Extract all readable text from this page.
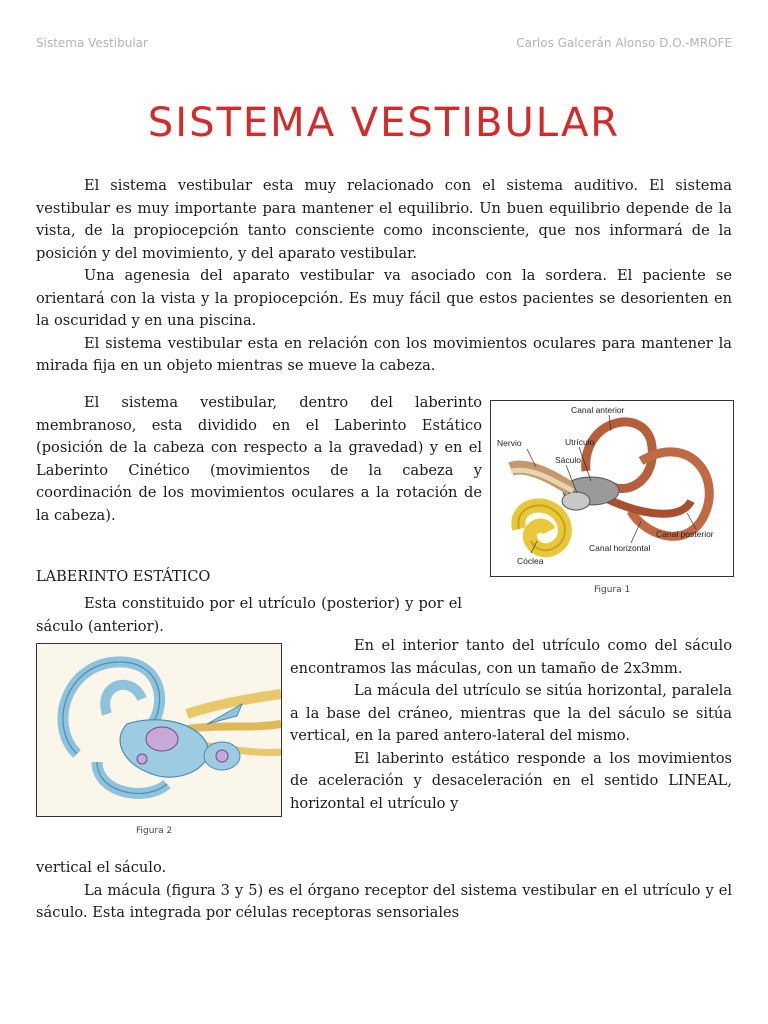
Sistema Vestibular	Carlos Galcerán Alonso D.O.-MROFE
SISTEMA VESTIBULAR

El sistema vestibular esta muy relacionado con el sistema auditivo. El sistema vestibular es muy importante para mantener el equilibrio. Un buen equilibrio depende de la vista, de la propiocepción tanto consciente como inconsciente, que nos informará de la posición y del movimiento, y del aparato vestibular.

Una agenesia del aparato vestibular va asociado con la sordera. El paciente se orientará con la vista y la propiocepción. Es muy fácil que estos pacientes se desorienten en la oscuridad y en una piscina.

El sistema vestibular esta en relación con los movimientos oculares para mantener la mirada fija en un objeto mientras se mueve la cabeza.

El sistema vestibular, dentro del laberinto membranoso, esta dividido en el Laberinto Estático (posición de la cabeza con respecto a la gravedad) y en el Laberinto Cinético (movimientos de la cabeza y coordinación de los movimientos oculares a la rotación de la cabeza).

Canal anterior
Nervio	Utrículo
Sáculo
Canal posterior
Canal horizontal
Cóclea
Figura 1
LABERINTO ESTÁTICO

Esta constituido por el utrículo (posterior) y por el sáculo (anterior).

Figura 2

En el interior tanto del utrículo como del sáculo encontramos las máculas, con un tamaño de 2x3mm.

La mácula del utrículo se sitúa horizontal, paralela a la base del cráneo, mientras que la del sáculo se sitúa vertical, en la pared antero-lateral del mismo.

El laberinto estático responde a los movimientos de aceleración y desaceleración en el sentido LINEAL, horizontal el utrículo y

vertical el sáculo.

La mácula (figura 3 y 5) es el órgano receptor del sistema vestibular en el utrículo y el sáculo. Esta integrada por células receptoras sensoriales
